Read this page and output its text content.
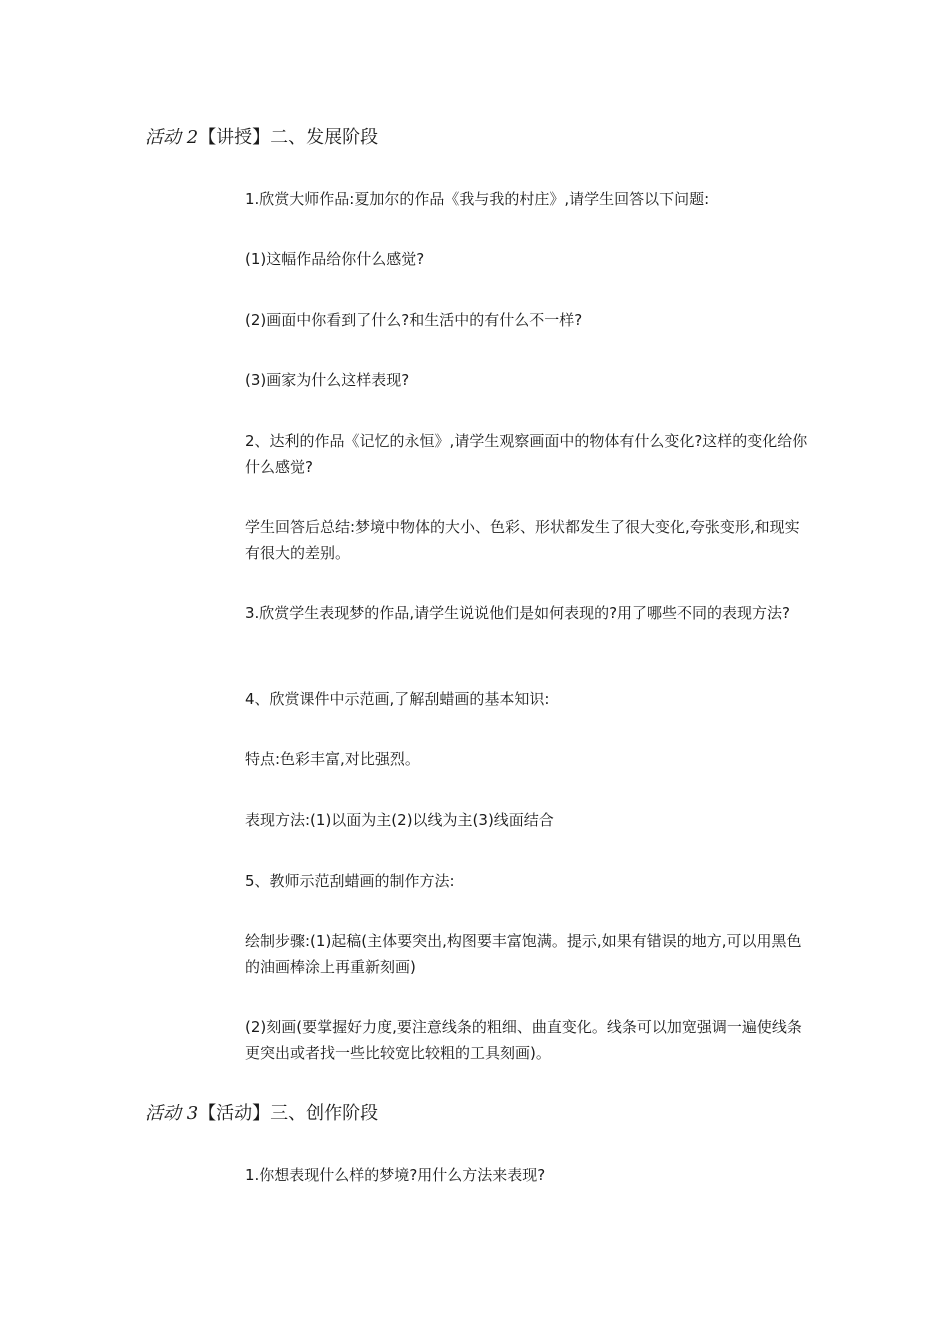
活动 2【讲授】二、发展阶段

1.欣赏大师作品:夏加尔的作品《我与我的村庄》,请学生回答以下问题:

(1)这幅作品给你什么感觉?

(2)画面中你看到了什么?和生活中的有什么不一样?

(3)画家为什么这样表现?

2、达利的作品《记忆的永恒》,请学生观察画面中的物体有什么变化?这样的变化给你什么感觉?

学生回答后总结:梦境中物体的大小、色彩、形状都发生了很大变化,夸张变形,和现实有很大的差别。

3.欣赏学生表现梦的作品,请学生说说他们是如何表现的?用了哪些不同的表现方法?

4、欣赏课件中示范画,了解刮蜡画的基本知识:

特点:色彩丰富,对比强烈。

表现方法:(1)以面为主(2)以线为主(3)线面结合

5、教师示范刮蜡画的制作方法:

绘制步骤:(1)起稿(主体要突出,构图要丰富饱满。提示,如果有错误的地方,可以用黑色的油画棒涂上再重新刻画)

(2)刻画(要掌握好力度,要注意线条的粗细、曲直变化。线条可以加宽强调一遍使线条更突出或者找一些比较宽比较粗的工具刻画)。

活动 3【活动】三、创作阶段

1.你想表现什么样的梦境?用什么方法来表现?
